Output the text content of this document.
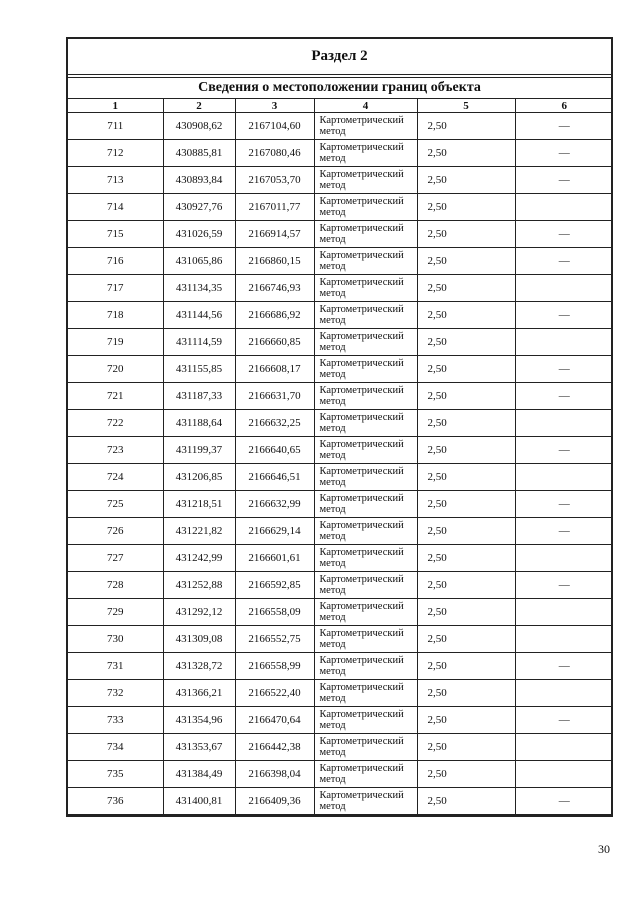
Раздел 2
Сведения о местоположении границ объекта
1	2	3	4	5	6
711	430908,62	2167104,60	Картометрический
метод	2,50	—
712	430885,81	2167080,46	Картометрический
метод	2,50	—
713	430893,84	2167053,70	Картометрический
метод	2,50	—
714	430927,76	2167011,77	Картометрический
метод	2,50	
715	431026,59	2166914,57	Картометрический
метод	2,50	—
716	431065,86	2166860,15	Картометрический
метод	2,50	—
717	431134,35	2166746,93	Картометрический
метод	2,50	
718	431144,56	2166686,92	Картометрический
метод	2,50	—
719	431114,59	2166660,85	Картометрический
метод	2,50	
720	431155,85	2166608,17	Картометрический
метод	2,50	—
721	431187,33	2166631,70	Картометрический
метод	2,50	—
722	431188,64	2166632,25	Картометрический
метод	2,50	
723	431199,37	2166640,65	Картометрический
метод	2,50	—
724	431206,85	2166646,51	Картометрический
метод	2,50	
725	431218,51	2166632,99	Картометрический
метод	2,50	—
726	431221,82	2166629,14	Картометрический
метод	2,50	—
727	431242,99	2166601,61	Картометрический
метод	2,50	
728	431252,88	2166592,85	Картометрический
метод	2,50	—
729	431292,12	2166558,09	Картометрический
метод	2,50	
730	431309,08	2166552,75	Картометрический
метод	2,50	
731	431328,72	2166558,99	Картометрический
метод	2,50	—
732	431366,21	2166522,40	Картометрический
метод	2,50	
733	431354,96	2166470,64	Картометрический
метод	2,50	—
734	431353,67	2166442,38	Картометрический
метод	2,50	
735	431384,49	2166398,04	Картометрический
метод	2,50	
736	431400,81	2166409,36	Картометрический
метод	2,50	—
30
